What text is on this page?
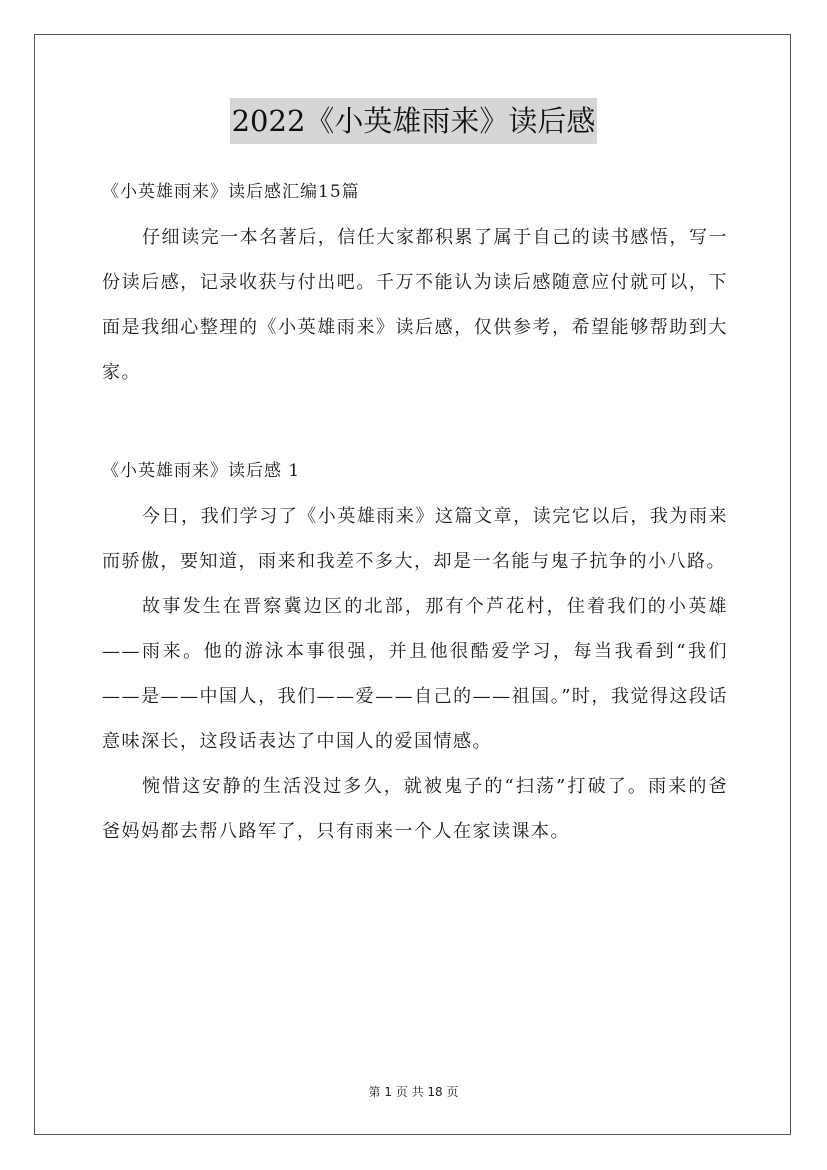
2022《小英雄雨来》读后感

《小英雄雨来》读后感汇编15篇

仔细读完一本名著后，信任大家都积累了属于自己的读书感悟，写一份读后感，记录收获与付出吧。千万不能认为读后感随意应付就可以，下面是我细心整理的《小英雄雨来》读后感，仅供参考，希望能够帮助到大家。

《小英雄雨来》读后感 1

今日，我们学习了《小英雄雨来》这篇文章，读完它以后，我为雨来而骄傲，要知道，雨来和我差不多大，却是一名能与鬼子抗争的小八路。

故事发生在晋察冀边区的北部，那有个芦花村，住着我们的小英雄——雨来。他的游泳本事很强，并且他很酷爱学习，每当我看到“我们——是——中国人，我们——爱——自己的——祖国。”时，我觉得这段话意味深长，这段话表达了中国人的爱国情感。

惋惜这安静的生活没过多久，就被鬼子的“扫荡”打破了。雨来的爸爸妈妈都去帮八路军了，只有雨来一个人在家读课本。

第 1 页 共 18 页
